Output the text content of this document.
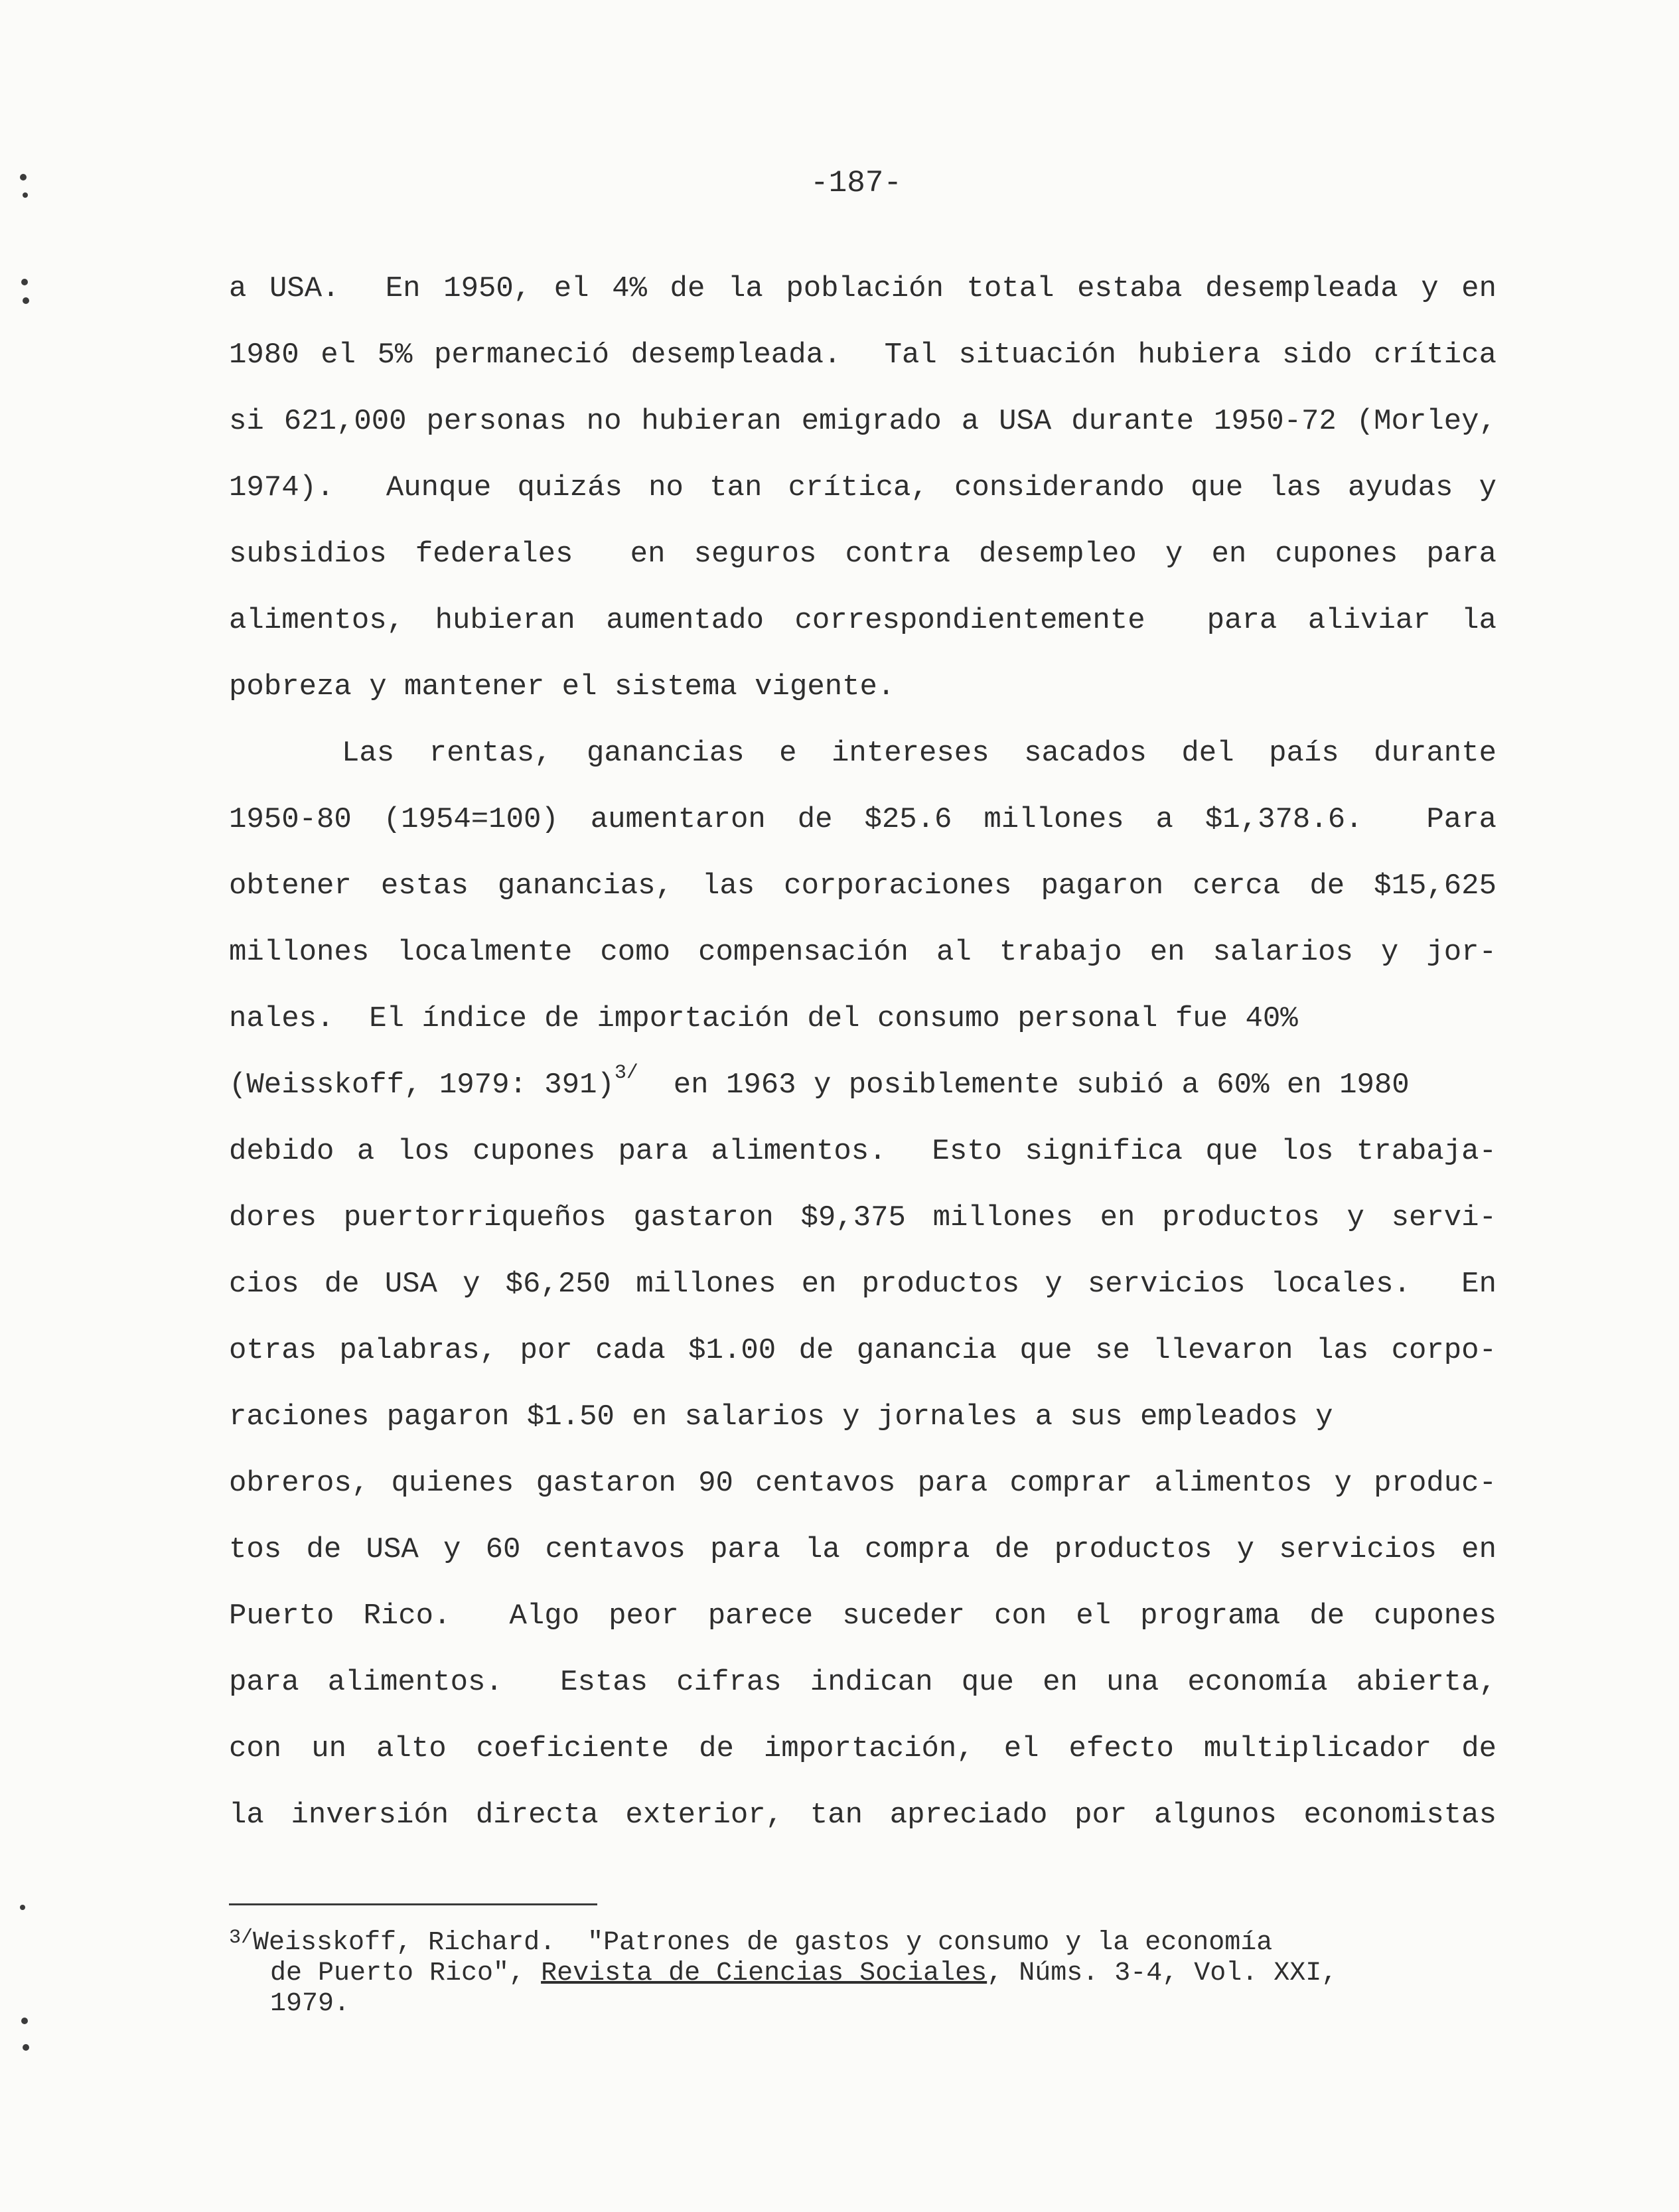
-187-
a USA.  En 1950, el 4% de la población total estaba desempleada y en
1980 el 5% permaneció desempleada.  Tal situación hubiera sido crítica
si 621,000 personas no hubieran emigrado a USA durante 1950-72 (Morley,
1974).  Aunque quizás no tan crítica, considerando que las ayudas y
subsidios federales  en seguros contra desempleo y en cupones para
alimentos, hubieran aumentado correspondientemente  para aliviar la
pobreza y mantener el sistema vigente.
Las rentas, ganancias e intereses sacados del país durante
1950-80 (1954=100) aumentaron de $25.6 millones a $1,378.6.  Para
obtener estas ganancias, las corporaciones pagaron cerca de $15,625
millones localmente como compensación al trabajo en salarios y jor-
nales.  El índice de importación del consumo personal fue 40%
(Weisskoff, 1979: 391)$^{3/}$  en 1963 y posiblemente subió a 60% en 1980
debido a los cupones para alimentos.  Esto significa que los trabaja-
dores puertorriqueños gastaron $9,375 millones en productos y servi-
cios de USA y $6,250 millones en productos y servicios locales.  En
otras palabras, por cada $1.00 de ganancia que se llevaron las corpo-
raciones pagaron $1.50 en salarios y jornales a sus empleados y
obreros, quienes gastaron 90 centavos para comprar alimentos y produc-
tos de USA y 60 centavos para la compra de productos y servicios en
Puerto Rico.  Algo peor parece suceder con el programa de cupones
para alimentos.  Estas cifras indican que en una economía abierta,
con un alto coeficiente de importación, el efecto multiplicador de
la inversión directa exterior, tan apreciado por algunos economistas
$^{3/}$Weisskoff, Richard.  "Patrones de gastos y consumo y la economía
de Puerto Rico", Revista de Ciencias Sociales, Núms. 3-4, Vol. XXI,
1979.
